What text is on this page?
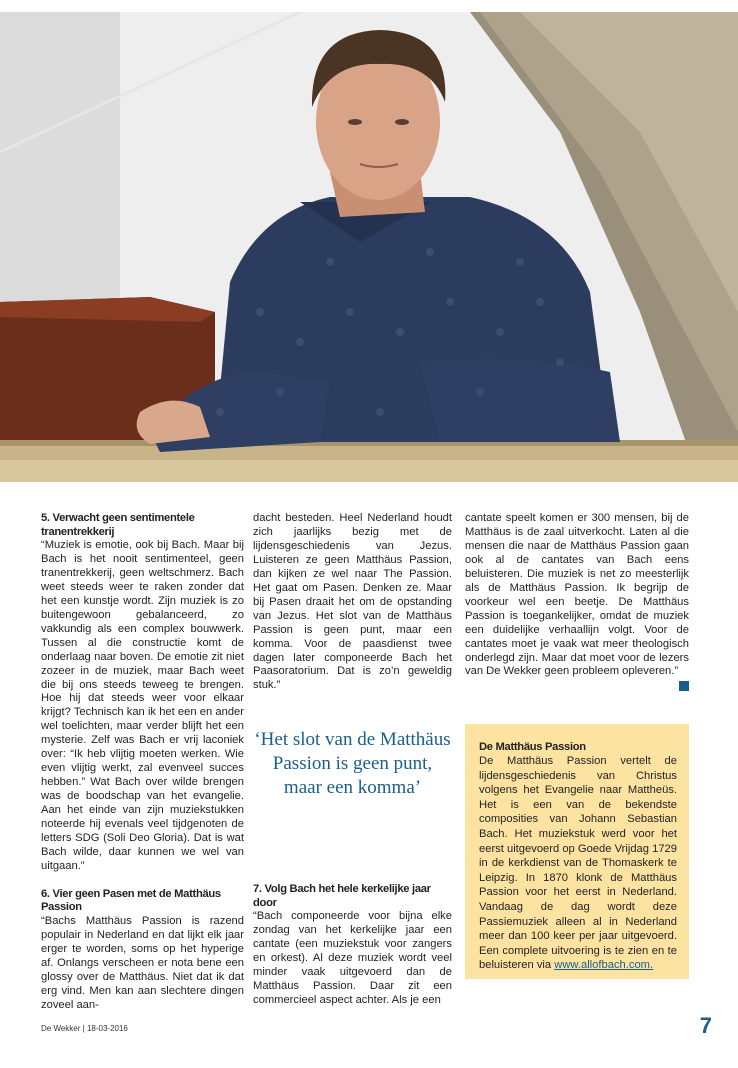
5. Verwacht geen sentimentele tranentrekkerij

“Muziek is emotie, ook bij Bach. Maar bij Bach is het nooit sentimenteel, geen tranentrekkerij, geen weltschmerz. Bach weet steeds weer te raken zonder dat het een kunstje wordt. Zijn muziek is zo buitengewoon gebalanceerd, zo vakkundig als een complex bouwwerk. Tussen al die constructie komt de onderlaag naar boven. De emotie zit niet zozeer in de muziek, maar Bach weet die bij ons steeds teweeg te brengen. Hoe hij dat steeds weer voor elkaar krijgt? Technisch kan ik het een en ander wel toelichten, maar verder blijft het een mysterie. Zelf was Bach er vrij laconiek over: “Ik heb vlijtig moeten werken. Wie even vlijtig werkt, zal evenveel succes hebben.” Wat Bach over wilde brengen was de boodschap van het evangelie. Aan het einde van zijn muziekstukken noteerde hij evenals veel tijdgenoten de letters SDG (Soli Deo Gloria). Dat is wat Bach wilde, daar kunnen we wel van uitgaan.”

6. Vier geen Pasen met de Matthäus Passion

“Bachs Matthäus Passion is razend populair in Nederland en dat lijkt elk jaar erger te worden, soms op het hyperige af. Onlangs verscheen er nota bene een glossy over de Matthäus. Niet dat ik dat erg vind. Men kan aan slechtere dingen zoveel aan-

dacht besteden. Heel Nederland houdt zich jaarlijks bezig met de lijdensgeschiedenis van Jezus. Luisteren ze geen Matthäus Passion, dan kijken ze wel naar The Passion. Het gaat om Pasen. Denken ze. Maar bij Pasen draait het om de opstanding van Jezus. Het slot van de Matthäus Passion is geen punt, maar een komma. Voor de paasdienst twee dagen later componeerde Bach het Paasoratorium. Dat is zo’n geweldig stuk.”

‘Het slot van de Matthäus Passion is geen punt, maar een komma’
7. Volg Bach het hele kerkelijke jaar door

“Bach componeerde voor bijna elke zondag van het kerkelijke jaar een cantate (een muziekstuk voor zangers en orkest). Al deze muziek wordt veel minder vaak uitgevoerd dan de Matthäus Passion. Daar zit een commercieel aspect achter. Als je een

cantate speelt komen er 300 mensen, bij de Matthäus is de zaal uitverkocht. Laten al die mensen die naar de Matthäus Passion gaan ook al de cantates van Bach eens beluisteren. Die muziek is net zo meesterlijk als de Matthäus Passion. Ik begrijp de voorkeur wel een beetje. De Matthäus Passion is toegankelijker, omdat de muziek een duidelijke verhaallijn volgt. Voor de cantates moet je vaak wat meer theologisch onderlegd zijn. Maar dat moet voor de lezers van De Wekker geen probleem opleveren.”

De Matthäus Passion

De Matthäus Passion vertelt de lijdensgeschiedenis van Christus volgens het Evangelie naar Mattheüs. Het is een van de bekendste composities van Johann Sebastian Bach. Het muziekstuk werd voor het eerst uitgevoerd op Goede Vrijdag 1729 in de kerkdienst van de Thomaskerk te Leipzig. In 1870 klonk de Matthäus Passion voor het eerst in Nederland. Vandaag de dag wordt deze Passiemuziek alleen al in Nederland meer dan 100 keer per jaar uitgevoerd. Een complete uitvoering is te zien en te beluisteren via www.allofbach.com.

De Wekker | 18-03-2016	7
